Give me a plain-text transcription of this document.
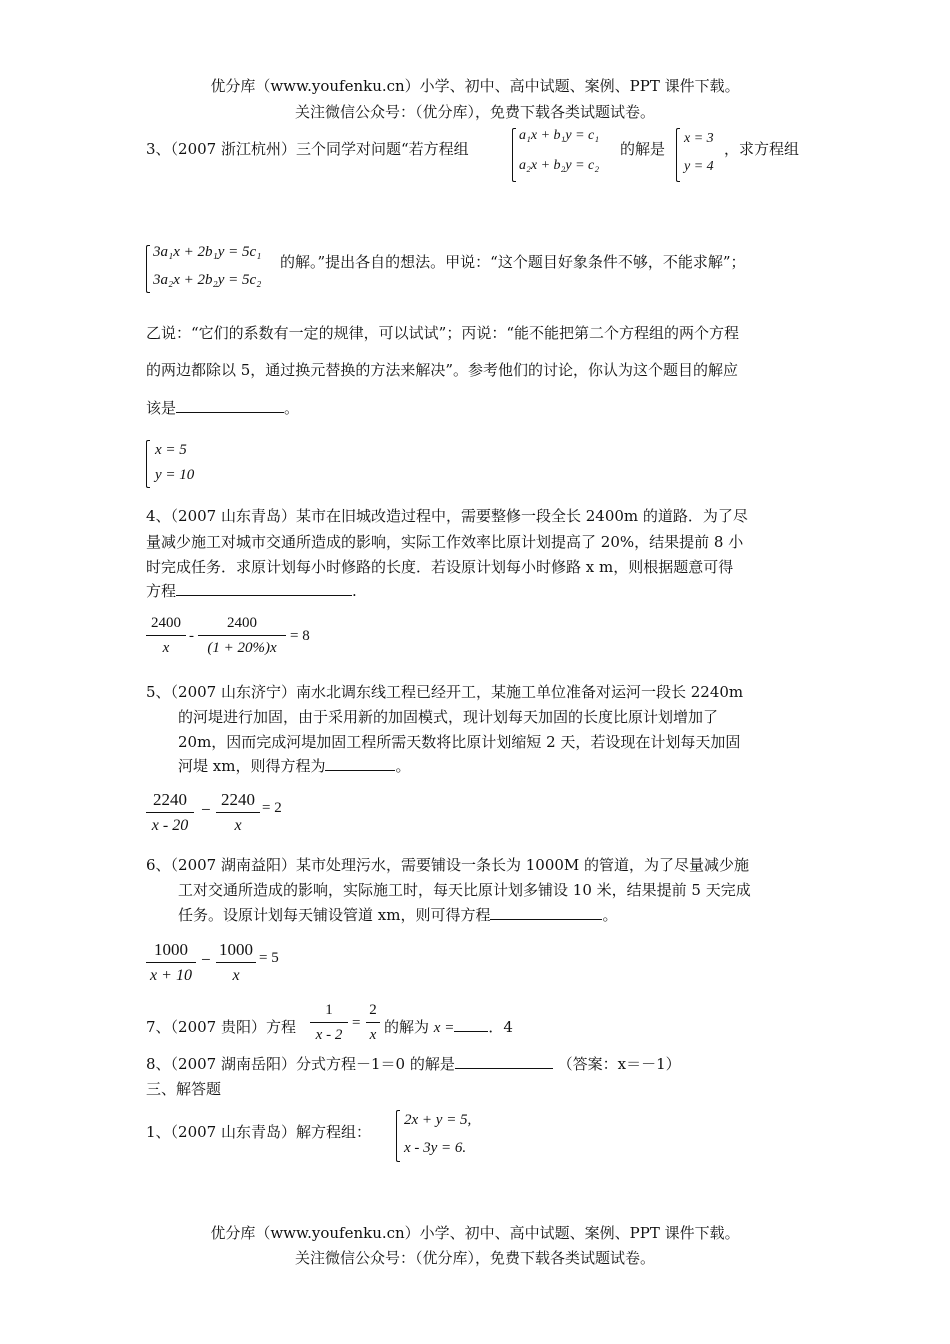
优分库（www.youfenku.cn）小学、初中、高中试题、案例、PPT 课件下载。
关注微信公众号：（优分库），免费下载各类试题试卷。
3、（2007 浙江杭州）三个同学对问题“若方程组
a₁x + b₁y = c₁
a₂x + b₂y = c₂
的解是
x = 3
y = 4
，求方程组
3a₁x + 2b₁y = 5c₁
3a₂x + 2b₂y = 5c₂
的解。”提出各自的想法。甲说：“这个题目好象条件不够，不能求解”；
乙说：“它们的系数有一定的规律，可以试试”；丙说：“能不能把第二个方程组的两个方程
的两边都除以 5，通过换元替换的方法来解决”。参考他们的讨论，你认为这个题目的解应
该是	。
x = 5
y = 10
4、（2007 山东青岛）某市在旧城改造过程中，需要整修一段全长 2400m 的道路．为了尽
量减少施工对城市交通所造成的影响，实际工作效率比原计划提高了 20%，结果提前 8 小
时完成任务．求原计划每小时修路的长度．若设原计划每小时修路 x m，则根据题意可得
方程	.
2400
x
-
2400
(1 + 20%)x
= 8
5、（2007 山东济宁）南水北调东线工程已经开工，某施工单位准备对运河一段长 2240m
的河堤进行加固，由于采用新的加固模式，现计划每天加固的长度比原计划增加了
20m，因而完成河堤加固工程所需天数将比原计划缩短 2 天，若设现在计划每天加固
河堤 xm，则得方程为	。
2240
x - 20
−
2240
x
= 2
6、（2007 湖南益阳）某市处理污水，需要铺设一条长为 1000M 的管道，为了尽量减少施
工对交通所造成的影响，实际施工时，每天比原计划多铺设 10 米，结果提前 5 天完成
任务。设原计划每天铺设管道 xm，则可得方程	。
1000
x + 10
−
1000
x
= 5
7、（2007 贵阳）方程
1
x - 2
=
2
x 的解为 x = ．4
8、（2007 湖南岳阳）分式方程－1＝0 的解是	（答案：x＝－1）
三、解答题
1、（2007 山东青岛）解方程组：
2x + y = 5,
x - 3y = 6.
优分库（www.youfenku.cn）小学、初中、高中试题、案例、PPT 课件下载。
关注微信公众号：（优分库），免费下载各类试题试卷。
